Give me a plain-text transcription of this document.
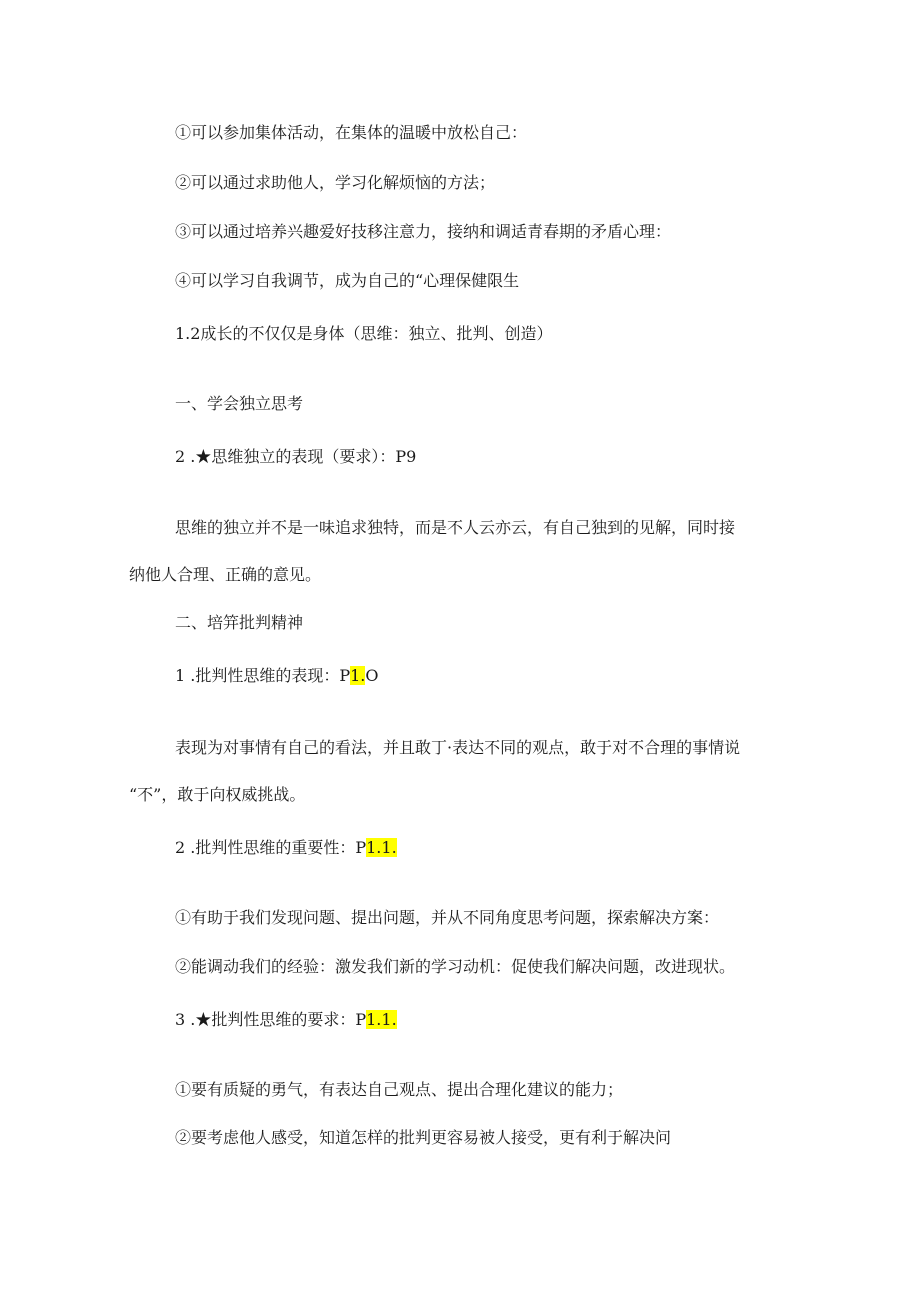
①可以参加集体活动，在集体的温暖中放松自己：
②可以通过求助他人，学习化解烦恼的方法；
③可以通过培养兴趣爱好技移注意力，接纳和调适青春期的矛盾心理：
④可以学习自我调节，成为自己的“心理保健限生
1.2成长的不仅仅是身体（思维：独立、批判、创造）
一、学会独立思考
2 .★思维独立的表现（要求）：P9
思维的独立并不是一味追求独特，而是不人云亦云，有自己独到的见解，同时接
纳他人合理、正确的意见。
二、培笄批判精神
1 .批判性思维的表现：P1.O
表现为对事情有自己的看法，并且敢丁·表达不同的观点，敢于对不合理的事情说
“不”，敢于向权威挑战。
2 .批判性思维的重要性：P1.1.
①有助于我们发现问题、提出问题，并从不同角度思考问题，探索解决方案：
②能调动我们的经验：激发我们新的学习动机：促使我们解决问题，改进现状。
3 .★批判性思维的要求：P1.1.
①要有质疑的勇气，有表达自己观点、提出合理化建议的能力；
②要考虑他人感受，知道怎样的批判更容易被人接受，更有利于解决问
